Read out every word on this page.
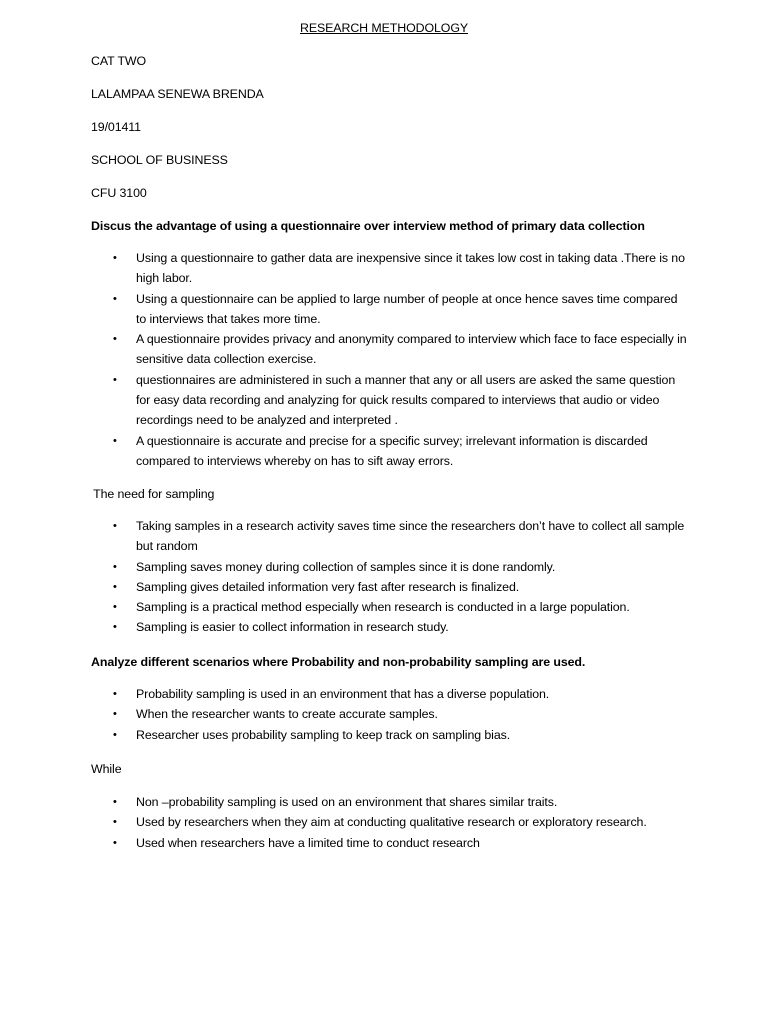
RESEARCH METHODOLOGY
CAT TWO
LALAMPAA SENEWA BRENDA
19/01411
SCHOOL OF BUSINESS
CFU 3100
Discus the advantage of using a questionnaire over interview method of primary data collection
• Using a questionnaire to gather data are inexpensive since it takes low cost in taking data .There is no high labor.
• Using a questionnaire can be applied to large number of people at once hence saves time compared to interviews that takes more time.
• A questionnaire provides privacy and anonymity compared to interview which face to face especially in sensitive data collection exercise.
• questionnaires are administered in such a manner that any or all users are asked the same question for easy data recording and analyzing for quick results compared to interviews that audio or video recordings need to be analyzed and interpreted .
• A questionnaire is accurate and precise for a specific survey; irrelevant information is discarded compared to interviews whereby on has to sift away errors.
The need for sampling
• Taking samples in a research activity saves time since the researchers don’t have to collect all sample but random
• Sampling saves money during collection of samples since it is done randomly.
• Sampling gives detailed information very fast after research is finalized.
• Sampling is a practical method especially when research is conducted in a large population.
• Sampling is easier to collect information in research study.
Analyze different scenarios where Probability and non-probability sampling are used.
• Probability sampling is used in an environment that has a diverse population.
• When the researcher wants to create accurate samples.
• Researcher uses probability sampling to keep track on sampling bias.
While
• Non –probability sampling is used on an environment that shares similar traits.
• Used by researchers when they aim at conducting qualitative research or exploratory research.
• Used when researchers have a limited time to conduct research
